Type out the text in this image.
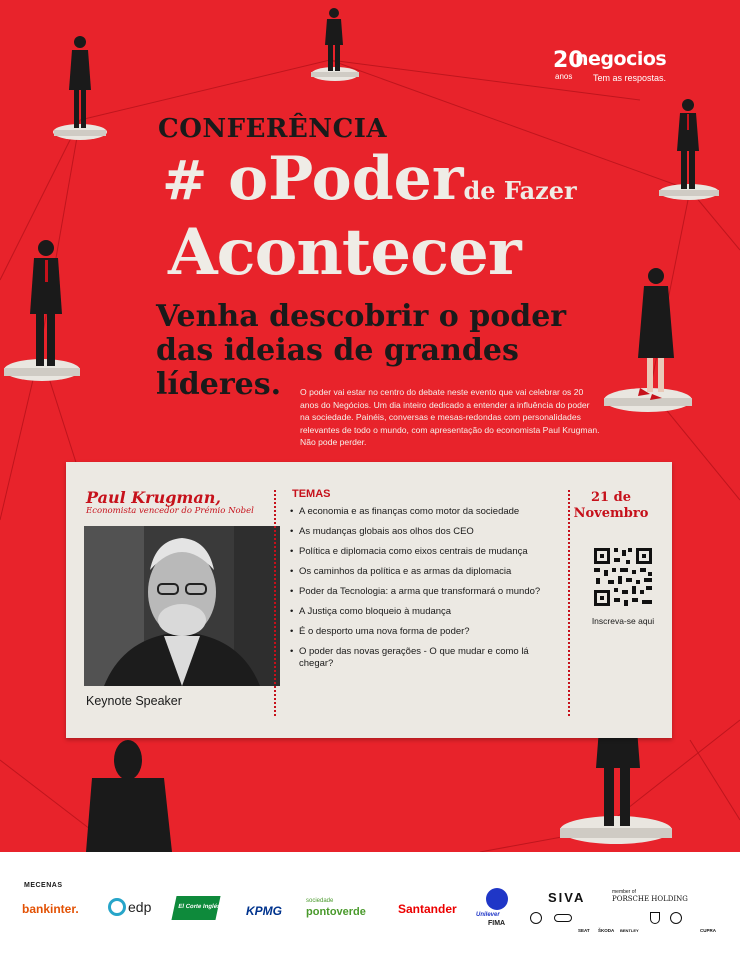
20
anos
negocios
Tem as respostas.
CONFERÊNCIA
# oPoderde Fazer
Acontecer
Venha descobrir o poder das ideias de grandes líderes.	O poder vai estar no centro do debate neste evento que vai celebrar os 20 anos do Negócios. Um dia inteiro dedicado a entender a influência do poder na sociedade. Painéis, conversas e mesas-redondas com personalidades relevantes de todo o mundo, com apresentação do economista Paul Krugman. Não pode perder.
Paul Krugman,
Economista vencedor do Prémio Nobel
Keynote Speaker
TEMAS
• A economia e as finanças como motor da sociedade
• As mudanças globais aos olhos dos CEO
• Política e diplomacia como eixos centrais de mudança
• Os caminhos da política e as armas da diplomacia
• Poder da Tecnologia: a arma que transformará o mundo?
• A Justiça como bloqueio à mudança
• É o desporto uma nova forma de poder?
• O poder das novas gerações - O que mudar e como lá chegar?
21 de Novembro
Inscreva-se aqui
MECENAS
bankinter.	edp	El Corte Inglés KPMG
sociedade
pontoverde	Santander	Unilever
FIMA
SIVA	member of
PORSCHE HOLDING
SEAT ŠKODA BENTLEY	CUPRA
